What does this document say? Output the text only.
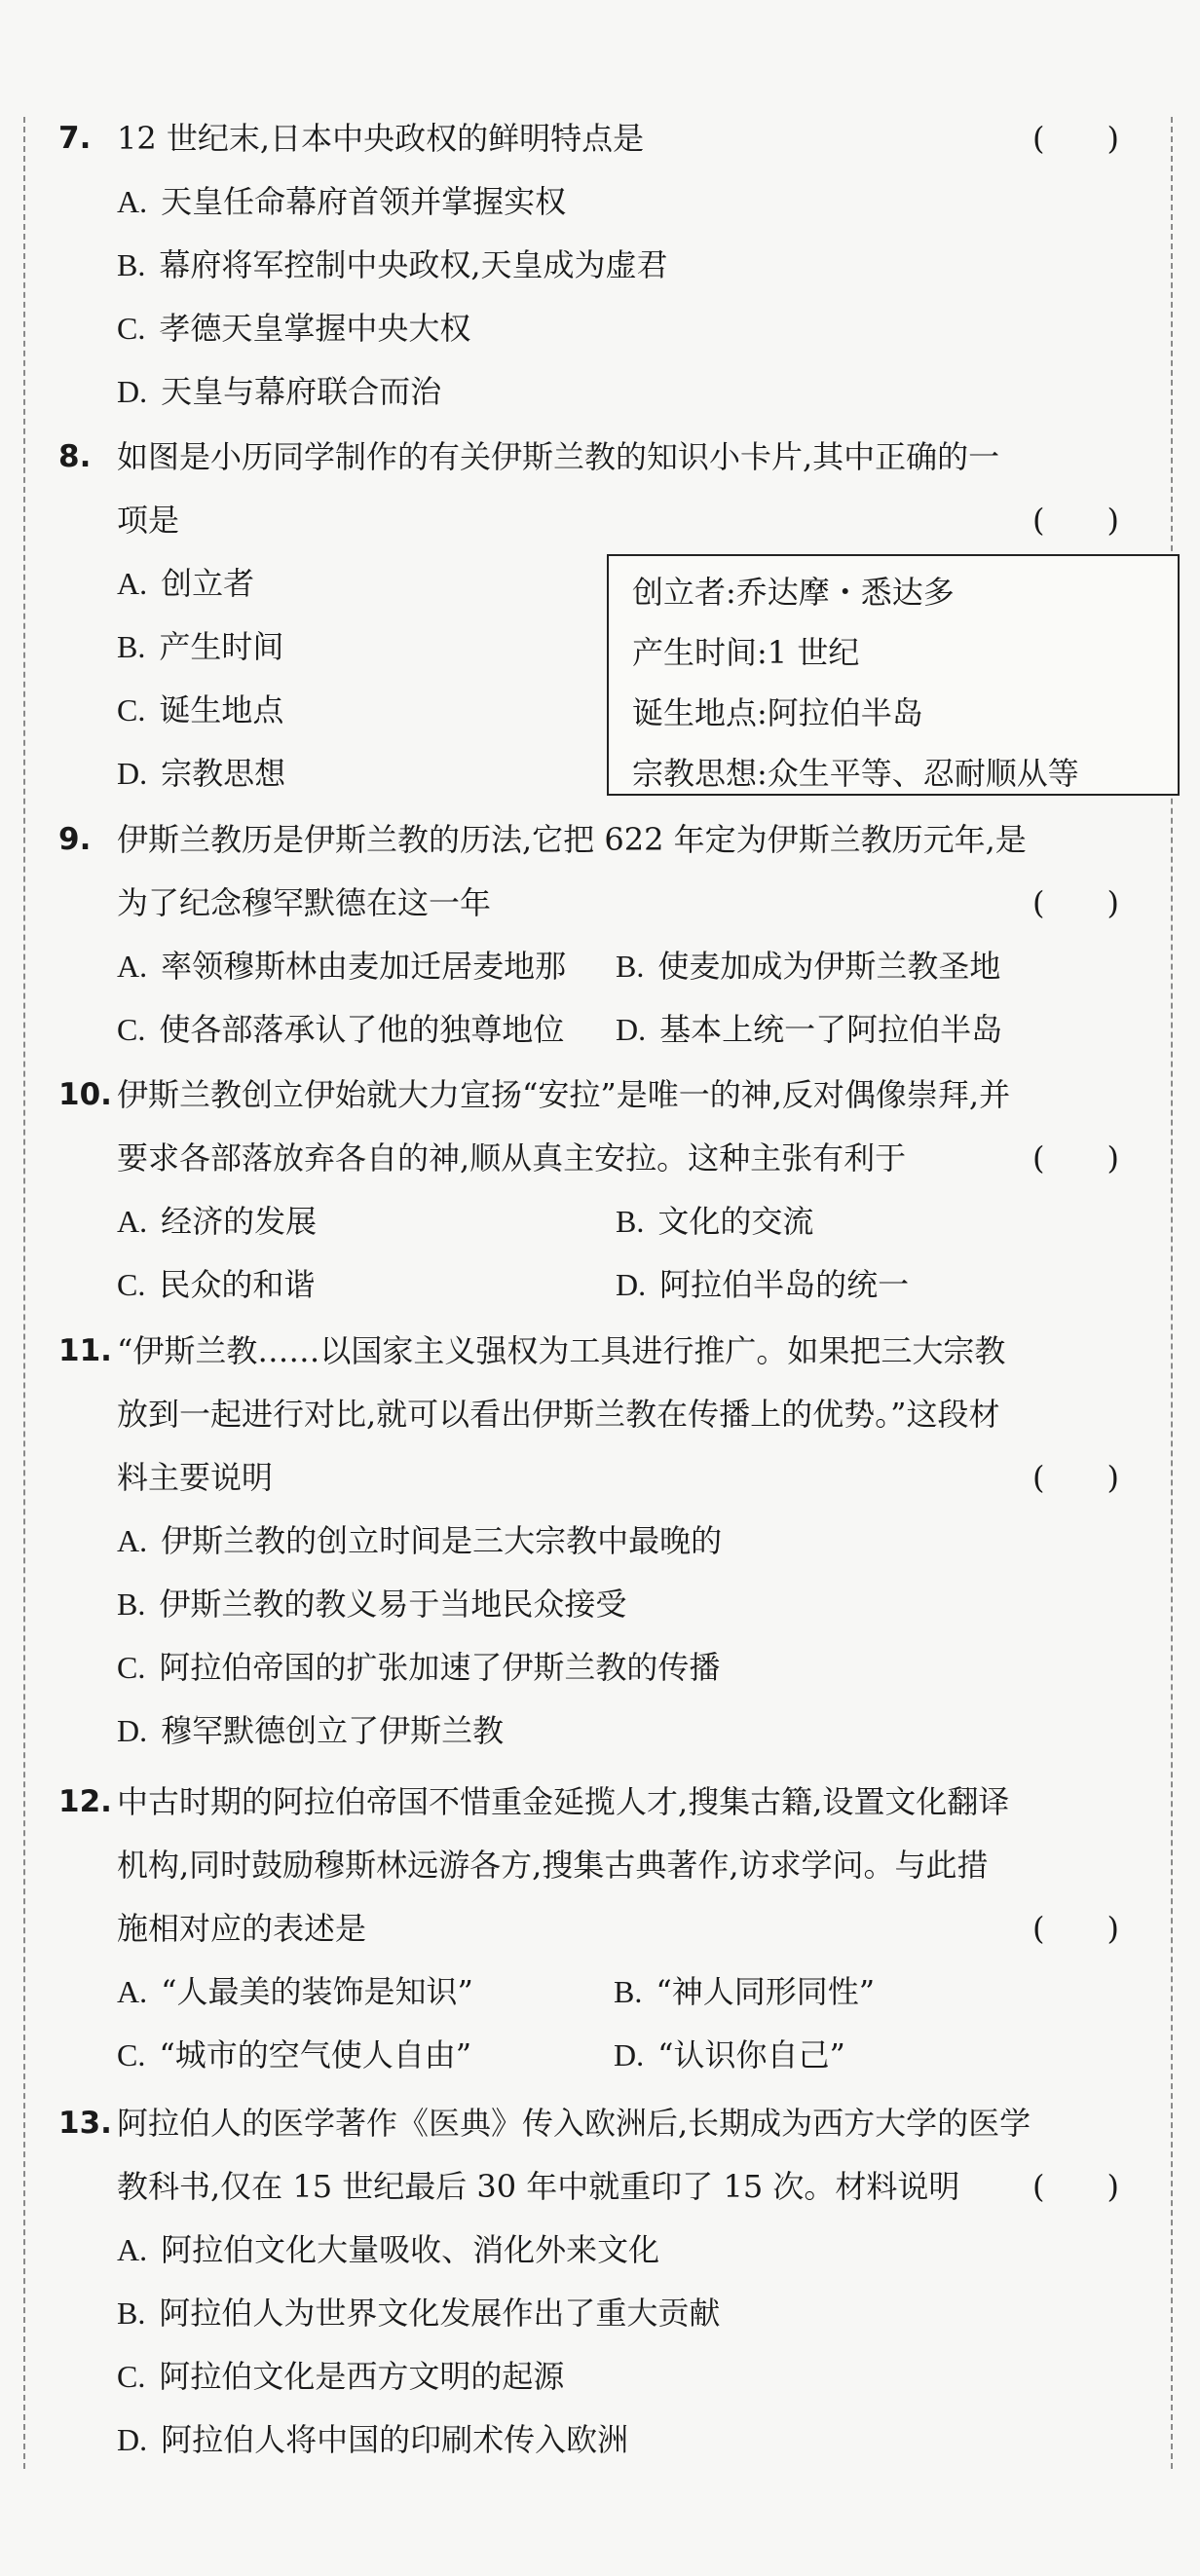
7. 12 世纪末,日本中央政权的鲜明特点是	(　　)
A. 天皇任命幕府首领并掌握实权
B. 幕府将军控制中央政权,天皇成为虚君
C. 孝德天皇掌握中央大权
D. 天皇与幕府联合而治
8. 如图是小历同学制作的有关伊斯兰教的知识小卡片,其中正确的一
项是	(　　)
A. 创立者
B. 产生时间
C. 诞生地点
D. 宗教思想
创立者:乔达摩・悉达多
产生时间:1 世纪
诞生地点:阿拉伯半岛
宗教思想:众生平等、忍耐顺从等
9. 伊斯兰教历是伊斯兰教的历法,它把 622 年定为伊斯兰教历元年,是
为了纪念穆罕默德在这一年	(　　)
A. 率领穆斯林由麦加迁居麦地那 B. 使麦加成为伊斯兰教圣地
C. 使各部落承认了他的独尊地位 D. 基本上统一了阿拉伯半岛
10. 伊斯兰教创立伊始就大力宣扬“安拉”是唯一的神,反对偶像崇拜,并
要求各部落放弃各自的神,顺从真主安拉。这种主张有利于	(　　)
A. 经济的发展	B. 文化的交流
C. 民众的和谐	D. 阿拉伯半岛的统一
11. “伊斯兰教……以国家主义强权为工具进行推广。如果把三大宗教
放到一起进行对比,就可以看出伊斯兰教在传播上的优势。”这段材
料主要说明	(　　)
A. 伊斯兰教的创立时间是三大宗教中最晚的
B. 伊斯兰教的教义易于当地民众接受
C. 阿拉伯帝国的扩张加速了伊斯兰教的传播
D. 穆罕默德创立了伊斯兰教
12. 中古时期的阿拉伯帝国不惜重金延揽人才,搜集古籍,设置文化翻译
机构,同时鼓励穆斯林远游各方,搜集古典著作,访求学问。与此措
施相对应的表述是	(　　)
A. “人最美的装饰是知识”	B. “神人同形同性”
C. “城市的空气使人自由”	D. “认识你自己”
13. 阿拉伯人的医学著作《医典》传入欧洲后,长期成为西方大学的医学
教科书,仅在 15 世纪最后 30 年中就重印了 15 次。材料说明 (　　)
A. 阿拉伯文化大量吸收、消化外来文化
B. 阿拉伯人为世界文化发展作出了重大贡献
C. 阿拉伯文化是西方文明的起源
D. 阿拉伯人将中国的印刷术传入欧洲
